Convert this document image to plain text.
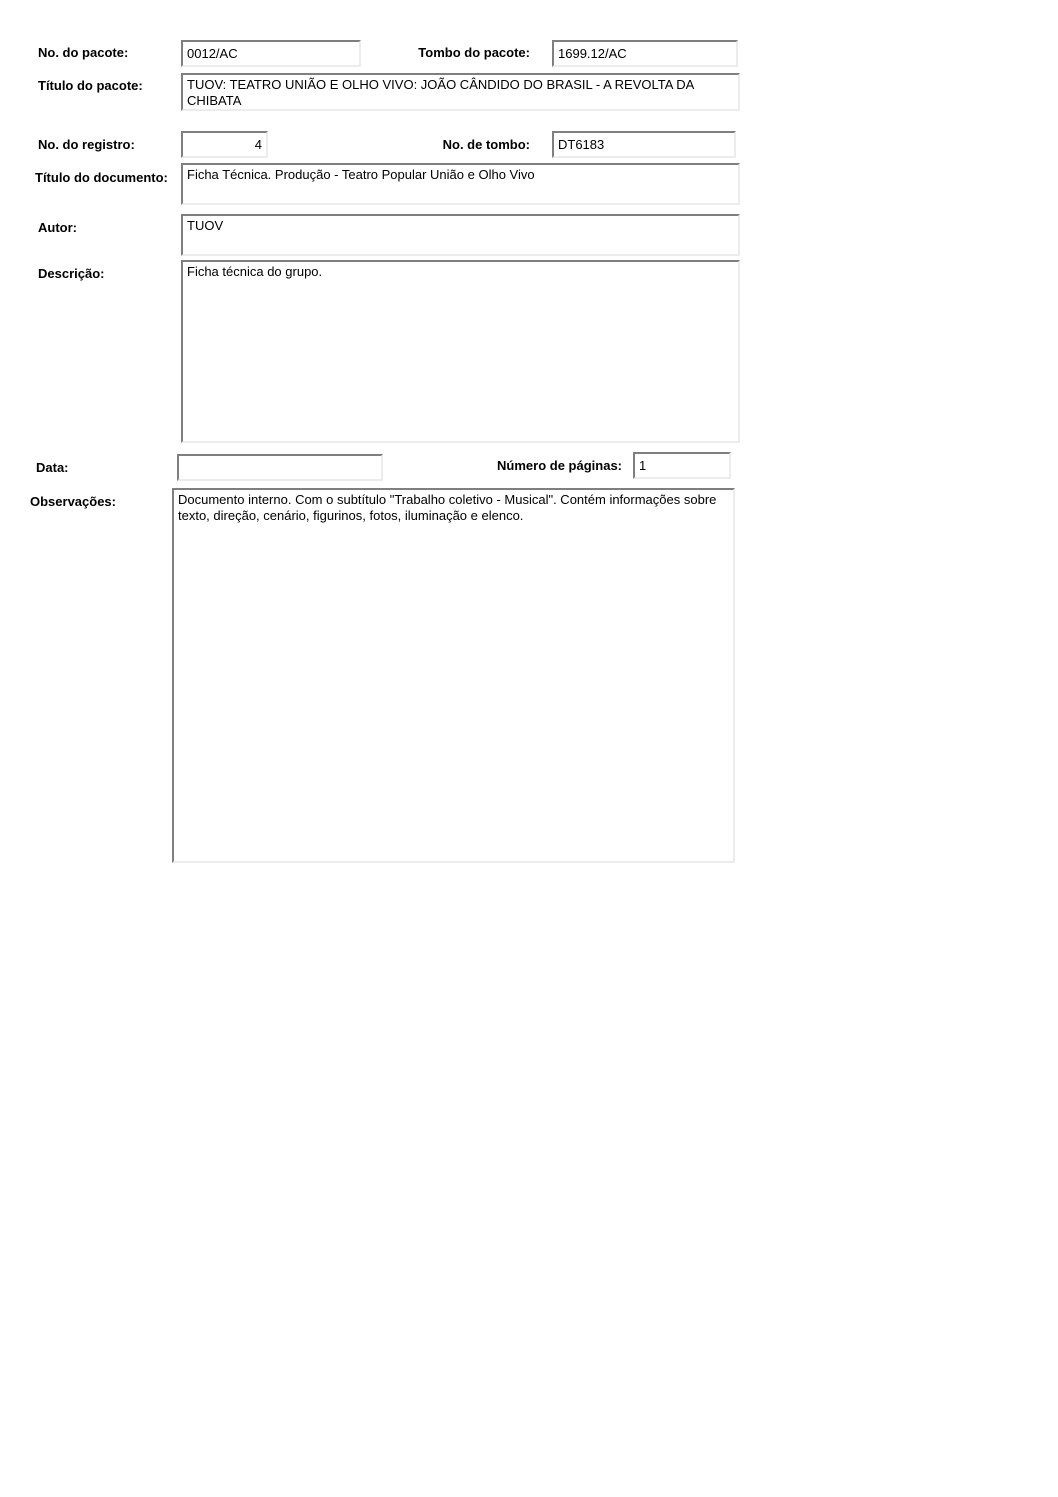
No. do pacote:
0012/AC	Tombo do pacote:
1699.12/AC
Título do pacote:
TUOV: TEATRO UNIÃO E OLHO VIVO: JOÃO CÂNDIDO DO BRASIL - A REVOLTA DA CHIBATA
No. do registro:
4	No. de tombo:
DT6183
Título do documento:
Ficha Técnica. Produção - Teatro Popular União e Olho Vivo
Autor:
TUOV
Descrição:
Ficha técnica do grupo.
Data:	Número de páginas:
1
Observações:
Documento interno. Com o subtítulo "Trabalho coletivo - Musical". Contém informações sobre texto, direção, cenário, figurinos, fotos, iluminação e elenco.
